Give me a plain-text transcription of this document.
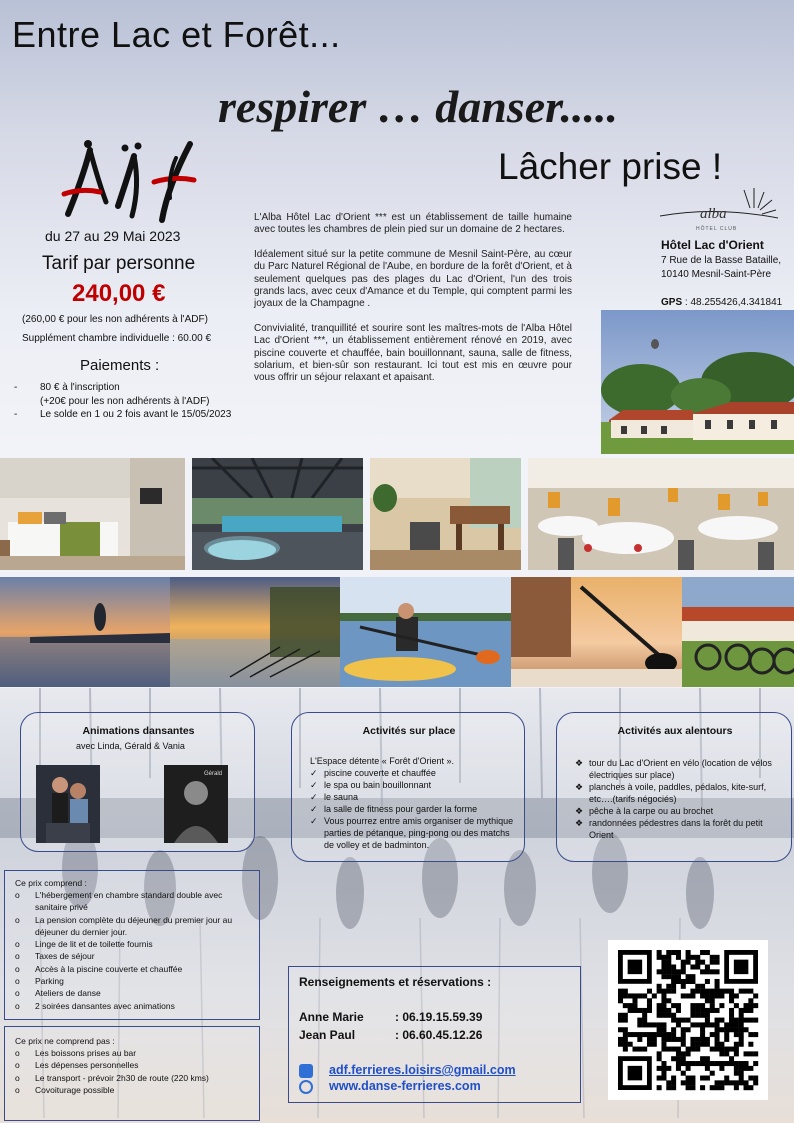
Entre Lac et Forêt...
respirer … danser.....
Lâcher prise !
du 27 au 29 Mai 2023
Tarif par personne
240,00 €
(260,00 € pour les non adhérents à l'ADF)
Supplément chambre individuelle : 60.00 €
Paiements :
- 80 € à l'inscription
(+20€ pour les non adhérents à l'ADF)
- Le solde en 1 ou 2 fois avant le 15/05/2023

L'Alba Hôtel Lac d'Orient *** est un établissement de taille humaine avec toutes les chambres de plein pied sur un domaine de 2 hectares.

Idéalement situé sur la petite commune de Mesnil Saint-Père, au cœur du Parc Naturel Régional de l'Aube, en bordure de la forêt d'Orient, et à seulement quelques pas des plages du Lac d'Orient, l'un des trois grands lacs, avec ceux d'Amance et du Temple, qui comptent parmi les joyaux de la Champagne .

Convivialité, tranquillité et sourire sont les maîtres-mots de l'Alba Hôtel Lac d'Orient ***, un établissement entièrement rénové en 2019, avec piscine couverte et chauffée, bain bouillonnant, sauna, salle de fitness, solarium, et bien-sûr son restaurant. Ici tout est mis en œuvre pour vous offrir un séjour relaxant et apaisant.

alba
HÔTEL CLUB
Hôtel Lac d'Orient
7 Rue de la Basse Bataille,
10140 Mesnil-Saint-Père
GPS : 48.255426,4.341841
Animations dansantes
avec Linda, Gérald & Vania
Gérald
Activités sur place
L'Espace détente « Forêt d'Orient ».
✓ piscine couverte et chauffée
✓ le spa ou bain bouillonnant
✓ le sauna
✓ la salle de fitness pour garder la forme
✓ Vous pourrez entre amis organiser de mythique parties de pétanque, ping-pong ou des matchs de volley et de badminton.
Activités aux alentours
❖ tour du Lac d'Orient en vélo (location de vélos électriques sur place)
❖ planches à voile, paddles, pédalos, kite-surf, etc….(tarifs négociés)
❖ pêche à la carpe ou au brochet
❖ randonnées pédestres dans la forêt du petit Orient
Ce prix comprend :
o L'hébergement en chambre standard double avec sanitaire privé
o La pension complète du déjeuner du premier jour au déjeuner du dernier jour.
o Linge de lit et de toilette fournis
o Taxes de séjour
o Accès à la piscine couverte et chauffée
o Parking
o Ateliers de danse
o 2 soirées dansantes avec animations
Ce prix ne comprend pas :
o Les boissons prises au bar
o Les dépenses personnelles
o Le transport - prévoir 2h30 de route (220 kms)
o Covoiturage possible
Renseignements et réservations :
Anne Marie	: 06.19.15.59.39
Jean Paul	: 06.60.45.12.26
adf.ferrieres.loisirs@gmail.com
www.danse-ferrieres.com
